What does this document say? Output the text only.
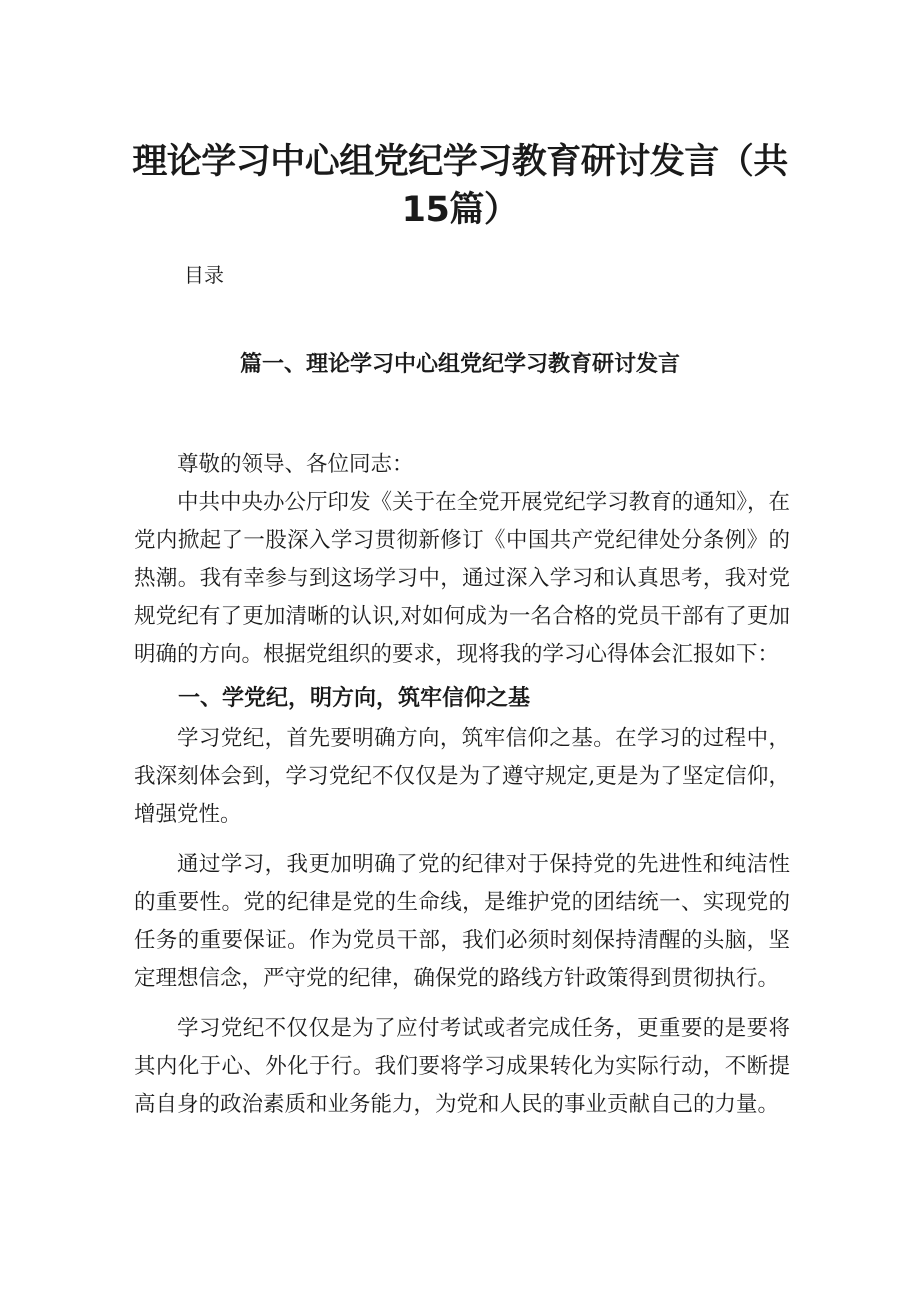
理论学习中心组党纪学习教育研讨发言（共15篇）

目录

篇一、理论学习中心组党纪学习教育研讨发言

尊敬的领导、各位同志：

中共中央办公厅印发《关于在全党开展党纪学习教育的通知》，在党内掀起了一股深入学习贯彻新修订《中国共产党纪律处分条例》的热潮。我有幸参与到这场学习中，通过深入学习和认真思考，我对党规党纪有了更加清晰的认识,对如何成为一名合格的党员干部有了更加明确的方向。根据党组织的要求，现将我的学习心得体会汇报如下：

一、学党纪，明方向，筑牢信仰之基

学习党纪，首先要明确方向，筑牢信仰之基。在学习的过程中，我深刻体会到，学习党纪不仅仅是为了遵守规定,更是为了坚定信仰，增强党性。

通过学习，我更加明确了党的纪律对于保持党的先进性和纯洁性的重要性。党的纪律是党的生命线，是维护党的团结统一、实现党的任务的重要保证。作为党员干部，我们必须时刻保持清醒的头脑，坚定理想信念，严守党的纪律，确保党的路线方针政策得到贯彻执行。

学习党纪不仅仅是为了应付考试或者完成任务，更重要的是要将其内化于心、外化于行。我们要将学习成果转化为实际行动，不断提高自身的政治素质和业务能力，为党和人民的事业贡献自己的力量。
